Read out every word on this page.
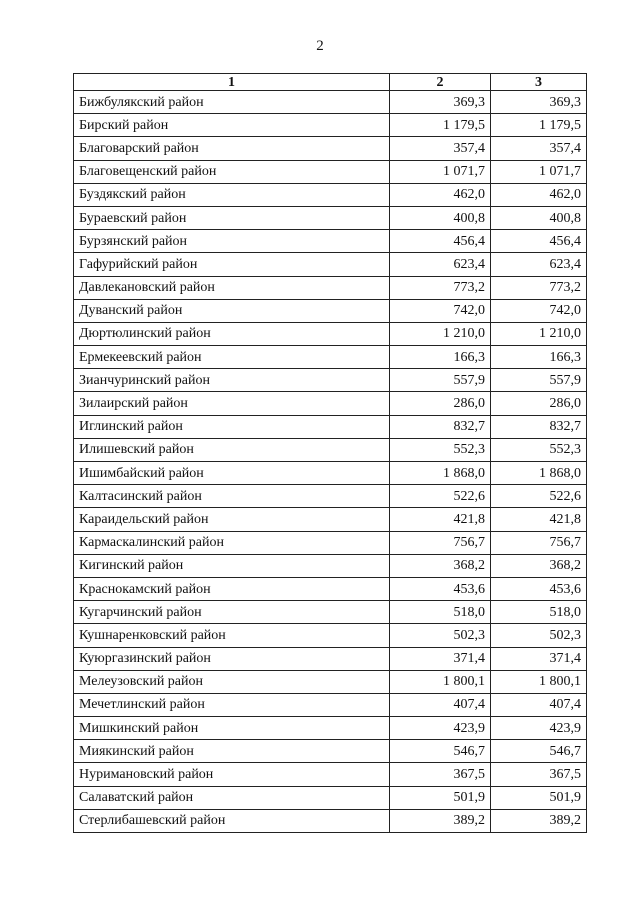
2
1	2	3
Бижбулякский район	369,3	369,3
Бирский район	1 179,5	1 179,5
Благоварский район	357,4	357,4
Благовещенский район	1 071,7	1 071,7
Буздякский район	462,0	462,0
Бураевский район	400,8	400,8
Бурзянский район	456,4	456,4
Гафурийский район	623,4	623,4
Давлекановский район	773,2	773,2
Дуванский район	742,0	742,0
Дюртюлинский район	1 210,0	1 210,0
Ермекеевский район	166,3	166,3
Зианчуринский район	557,9	557,9
Зилаирский район	286,0	286,0
Иглинский район	832,7	832,7
Илишевский район	552,3	552,3
Ишимбайский район	1 868,0	1 868,0
Калтасинский район	522,6	522,6
Караидельский район	421,8	421,8
Кармаскалинский район	756,7	756,7
Кигинский район	368,2	368,2
Краснокамский район	453,6	453,6
Кугарчинский район	518,0	518,0
Кушнаренковский район	502,3	502,3
Куюргазинский район	371,4	371,4
Мелеузовский район	1 800,1	1 800,1
Мечетлинский район	407,4	407,4
Мишкинский район	423,9	423,9
Миякинский район	546,7	546,7
Нуримановский район	367,5	367,5
Салаватский район	501,9	501,9
Стерлибашевский район	389,2	389,2
